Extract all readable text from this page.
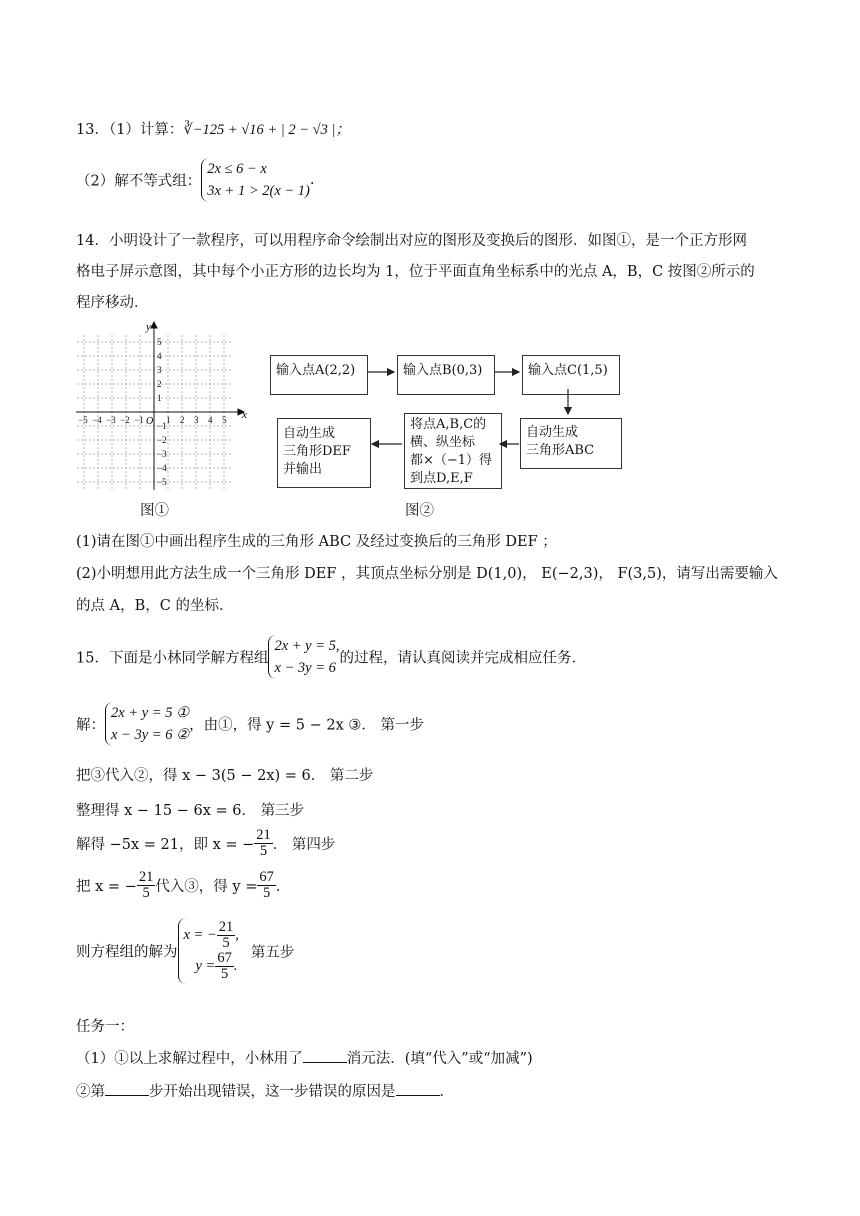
13．（1）计算：∛−125 + √16 + | 2 − √3 |；
（2）解不等式组：2x ≤ 6 − x
3x + 1 > 2(x − 1).
14．小明设计了一款程序，可以用程序命令绘制出对应的图形及变换后的图形．如图①，是一个正方形网
格电子屏示意图，其中每个小正方形的边长均为 1，位于平面直角坐标系中的光点 A，B，C 按图②所示的
程序移动．
−5
−5
−4
−4
−3
−3
−2
−2
−1
−1
1
1
2
2
3
3
4
4
5
5
x
y
O
图①
输入点A(2,2)	输入点B(0,3)	输入点C(1,5)
自动生成
三角形ABC
将点A,B,C的
横、纵坐标
都×（−1）得
到点D,E,F
自动生成
三角形DEF
并输出
图②
(1)请在图①中画出程序生成的三角形 ABC 及经过变换后的三角形 DEF ；
(2)小明想用此方法生成一个三角形 DEF ，其顶点坐标分别是 D(1,0)， E(−2,3)， F(3,5)，请写出需要输入
的点 A，B，C 的坐标．
15．下面是小林同学解方程组2x + y = 5,
x − 3y = 6的过程，请认真阅读并完成相应任务．
解：2x + y = 5 ①
x − 3y = 6 ②，由①，得 y = 5 − 2x ③． 第一步
把③代入②，得 x − 3(5 − 2x) = 6． 第二步
整理得 x − 15 − 6x = 6． 第三步
解得 −5x = 21，即 x = − $\frac{21}{5}$ ． 第四步
把 x = − $\frac{21}{5}$ 代入③，得 $y = \frac{67}{5}$ ．
则方程组的解为
x = − $\frac{21}{5}$ ,
$y = \frac{67}{5}$ .
第五步
任务一：
（1）①以上求解过程中，小林用了	消元法．(填“代入”或“加减”)
②第	步开始出现错误，这一步错误的原因是	．
